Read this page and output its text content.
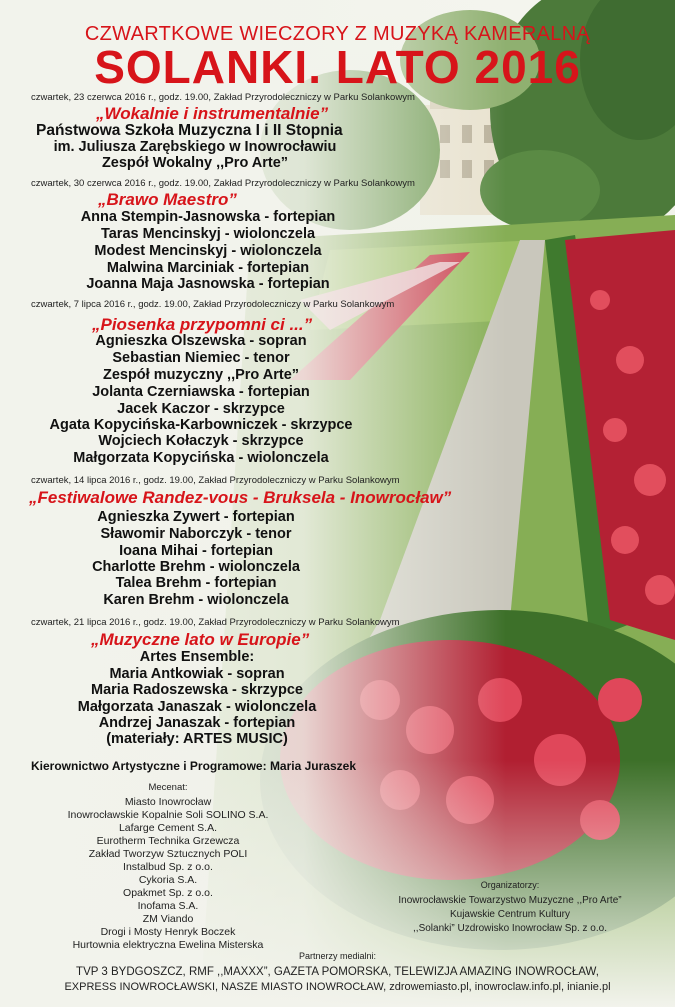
CZWARTKOWE WIECZORY Z MUZYKĄ KAMERALNĄ
SOLANKI. LATO 2016
czwartek, 23 czerwca 2016 r., godz. 19.00, Zakład Przyrodoleczniczy w Parku Solankowym
„Wokalnie i instrumentalnie”
Państwowa Szkoła Muzyczna I i II Stopnia
im. Juliusza Zarębskiego w Inowrocławiu
Zespół Wokalny ,,Pro Arte”
czwartek, 30 czerwca 2016 r., godz. 19.00, Zakład Przyrodoleczniczy w Parku Solankowym
„Brawo Maestro”
Anna Stempin-Jasnowska - fortepian
Taras Mencinskyj - wiolonczela
Modest Mencinskyj - wiolonczela
Malwina Marciniak - fortepian
Joanna Maja Jasnowska - fortepian
czwartek, 7 lipca 2016 r., godz. 19.00, Zakład Przyrodoleczniczy w Parku Solankowym
„Piosenka przypomni ci ...”
Agnieszka Olszewska - sopran
Sebastian Niemiec - tenor
Zespół muzyczny ,,Pro Arte”
Jolanta Czerniawska - fortepian
Jacek Kaczor - skrzypce
Agata Kopycińska-Karbowniczek - skrzypce
Wojciech Kołaczyk - skrzypce
Małgorzata Kopycińska - wiolonczela
czwartek, 14 lipca 2016 r., godz. 19.00, Zakład Przyrodoleczniczy w Parku Solankowym
„Festiwalowe Randez-vous - Bruksela - Inowrocław”
Agnieszka Zywert - fortepian
Sławomir Naborczyk - tenor
Ioana Mihai - fortepian
Charlotte Brehm - wiolonczela
Talea Brehm - fortepian
Karen Brehm - wiolonczela
czwartek, 21 lipca 2016 r., godz. 19.00, Zakład Przyrodoleczniczy w Parku Solankowym
„Muzyczne lato w Europie”
Artes Ensemble:
Maria Antkowiak - sopran
Maria Radoszewska - skrzypce
Małgorzata Janaszak - wiolonczela
Andrzej Janaszak - fortepian
(materiały: ARTES MUSIC)
Kierownictwo Artystyczne i Programowe: Maria Juraszek
Mecenat:
Miasto Inowrocław
Inowrocławskie Kopalnie Soli SOLINO S.A.
Lafarge Cement S.A.
Eurotherm Technika Grzewcza
Zakład Tworzyw Sztucznych POLI
Instalbud Sp. z o.o.
Cykoria S.A.
Opakmet Sp. z o.o.
Inofama S.A.
ZM Viando
Drogi i Mosty Henryk Boczek
Hurtownia elektryczna Ewelina Misterska
Organizatorzy:
Inowrocławskie Towarzystwo Muzyczne ,,Pro Arte”
Kujawskie Centrum Kultury
,,Solanki” Uzdrowisko Inowrocław Sp. z o.o.
Partnerzy medialni:
TVP 3 BYDGOSZCZ, RMF ,,MAXXX”, GAZETA POMORSKA, TELEWIZJA AMAZING INOWROCŁAW,
EXPRESS INOWROCŁAWSKI, NASZE MIASTO INOWROCŁAW, zdrowemiasto.pl, inowroclaw.info.pl, inianie.pl
